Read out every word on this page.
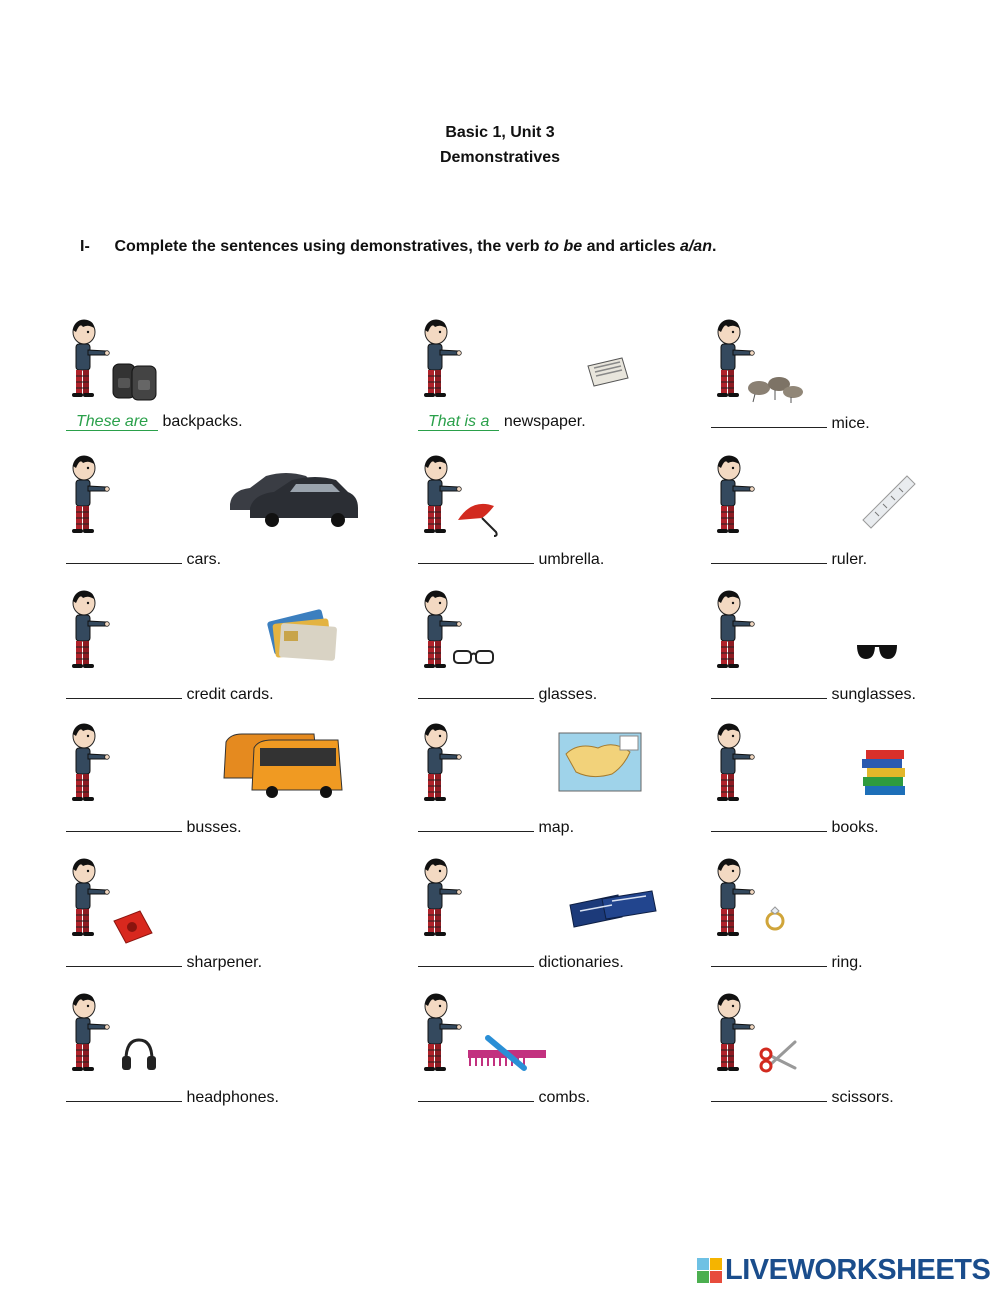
Basic 1, Unit 3
Demonstratives
I- Complete the sentences using demonstratives, the verb to be and articles a/an.
These are backpacks.	That is a newspaper.	mice.
cars.	umbrella.	ruler.
credit cards.	glasses.	sunglasses.
busses.	map.	books.
sharpener.	dictionaries.	ring.
headphones.	combs.	scissors.
LIVEWORKSHEETS
